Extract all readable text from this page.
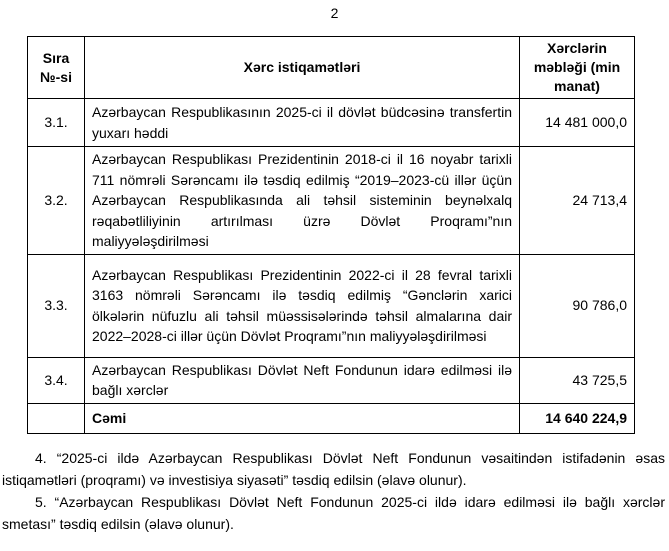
2
Sıra №-si	Xərc istiqamətləri	Xərclərin məbləği (min manat)
3.1.	Azərbaycan Respublikasının 2025-ci il dövlət büdcəsinə transfertin yuxarı həddi	14 481 000,0
3.2.	Azərbaycan Respublikası Prezidentinin 2018-ci il 16 noyabr tarixli 711 nömrəli Sərəncamı ilə təsdiq edilmiş “2019–2023-cü illər üçün Azərbaycan Respublikasında ali təhsil sisteminin beynəlxalq rəqabətliliyinin artırılması üzrə Dövlət Proqramı”nın maliyyələşdirilməsi	24 713,4
3.3.	Azərbaycan Respublikası Prezidentinin 2022-ci il 28 fevral tarixli 3163 nömrəli Sərəncamı ilə təsdiq edilmiş “Gənclərin xarici ölkələrin nüfuzlu ali təhsil müəssisələrində təhsil almalarına dair 2022–2028-ci illər üçün Dövlət Proqramı”nın maliyyələşdirilməsi	90 786,0
3.4.	Azərbaycan Respublikası Dövlət Neft Fondunun idarə edilməsi ilə bağlı xərclər	43 725,5
	Cəmi	14 640 224,9

4. “2025-ci ildə Azərbaycan Respublikası Dövlət Neft Fondunun vəsaitindən istifadənin əsas istiqamətləri (proqramı) və investisiya siyasəti” təsdiq edilsin (əlavə olunur).

5. “Azərbaycan Respublikası Dövlət Neft Fondunun 2025-ci ildə idarə edilməsi ilə bağlı xərclər smetası” təsdiq edilsin (əlavə olunur).
